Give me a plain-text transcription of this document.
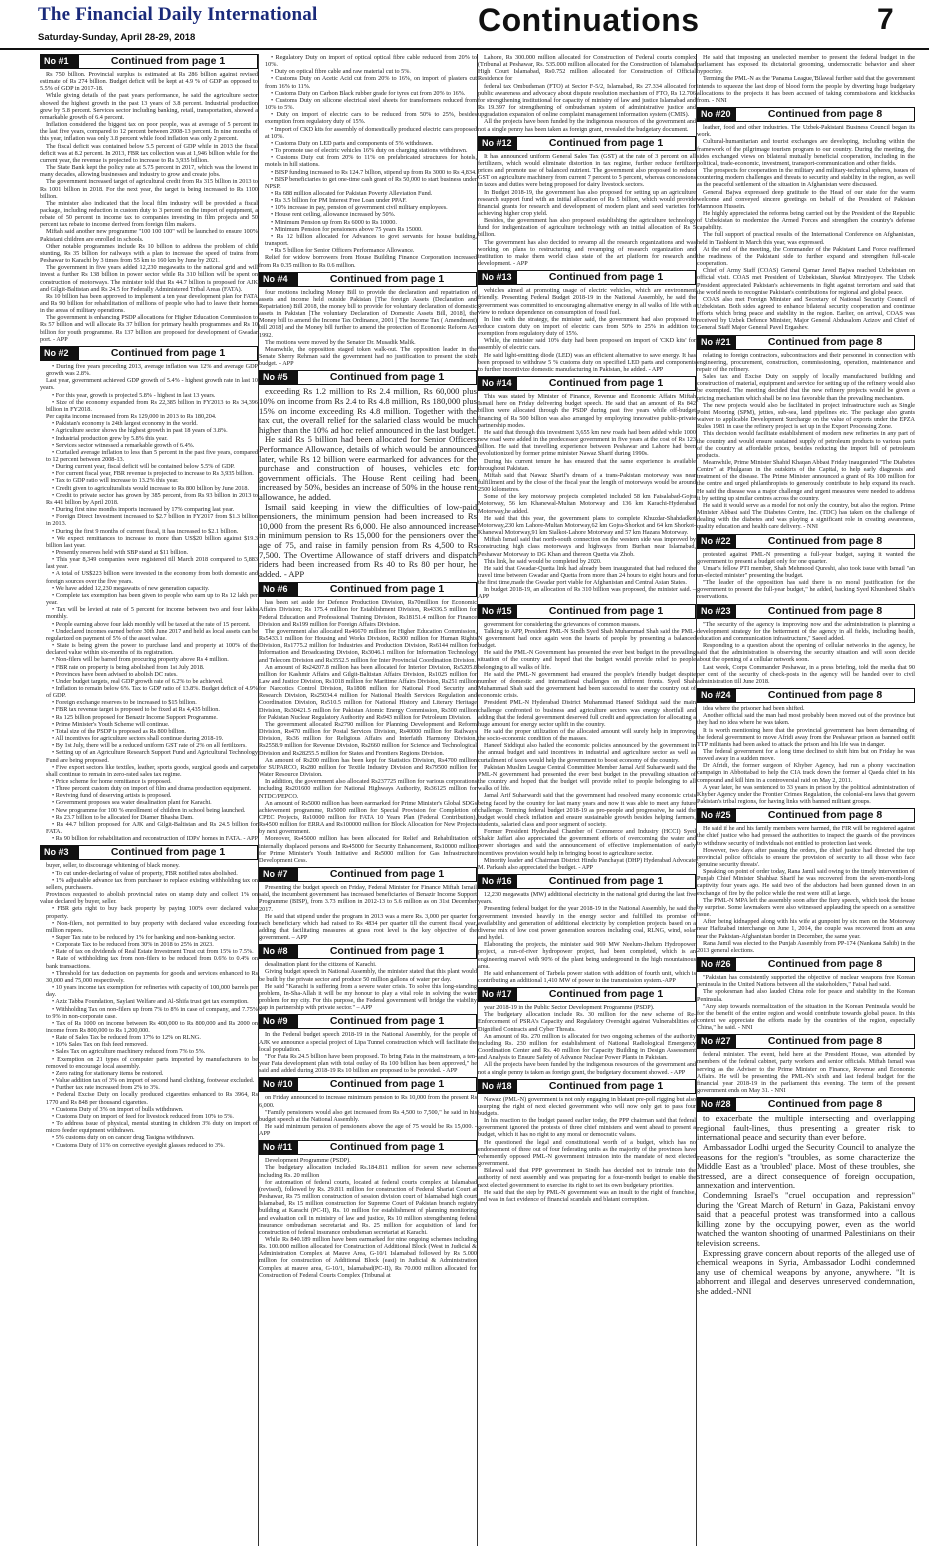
The Financial Daily International
Saturday-Sunday, April 28-29, 2018	Continuations	7
No #1	Continued from page 1

Rs 750 billion. Provincial surplus is estimated at Rs 286 billion against revised estimate of Rs 274 billion. Budget deficit will be kept at 4.9 % of GDP as opposed to 5.5% of GDP in 2017-18.

While giving details of the past years performance, he said the agriculture sector showed the highest growth in the past 13 years of 3.8 percent. Industrial production grew by 5.8 percent. Services sector including banking, retail, transportation, showed a remarkable growth of 6.4 percent.

Inflation considered the biggest tax on poor people, was at average of 5 percent in the last five years, compared to 12 percent between 2008-13 percent. In nine months of this year, inflation was only 3.8 percent while food inflation was only 2 percent.

The fiscal deficit was contained below 5.5 percent of GDP while in 2013 the fiscal deficit was at 8.2 percent. In 2013, FBR tax collection was at 1,946 billion while for the current year, the revenue is projected to increase to Rs 3,935 billion.

The State Bank kept the policy rate at 5.75 percent in 2017, which was the lowest in many decades, allowing businesses and industry to grow and create jobs.

The government increased target of agricultural credit from Rs 315 billion in 2013 to Rs 1001 billion in 2018. For the next year, the target is being increased to Rs 1100 billion.

The minister also indicated that the local film industry will be provided a fiscal package, including reduction in custom duty to 3 percent on the import of equipment, a rebate of 50 percent in income tax to companies investing in film projects and 50 percent tax rebate to income derived from foreign film makers.

Miftah said another new programme "100 100 100" will be launched to ensure 100% Pakistani children are enrolled in schools.

Other notable programmes include Rs 10 billion to address the problem of child stunting, Rs 35 billion for railways with a plan to increase the speed of trains from Peshawar to Karachi by 3 times from 55 km to 160 km by June by 2021.

The government in five years added 12,230 megawatts to the national grid and will invest a further Rs 138 billion in power sector while Rs 310 billion will be spent on construction of motorways. The minister told that Rs 44.7 billion is proposed for AJK and Gilgit-Baltistan and Rs 24.5 for Federally Administered Tribal Areas (FATA).

Rs 10 billion has been approved to implement a ten year development plan for FATA and Rs 90 billion for rehabilitation of millions of people who had to leave their homes in the areas of military operations.

The government is enhancing PSDP allocations for Higher Education Commission to Rs 57 billion and will allocate Rs 37 billion for primary health programmes and Rs 10 billion for youth programme. Rs 137 billion are proposed for development of Gwadar port. - APP

No #2	Continued from page 1

• During five years preceding 2013, average inflation was 12% and average GDP growth was 2.8%.

Last year, government achieved GDP growth of 5.4% - highest growth rate in last 10 years.

• For this year, growth is projected 5.8% - highest in last 13 years.

• Size of the economy expanded from Rs 22,385 billion in FY2013 to Rs 34,396 billion in FY2018.

Per capita income increased from Rs 129,000 in 2013 to Rs 180,204.

• Pakistan's economy is 24th largest economy in the world.

• Agriculture sector shows the highest growth in past 18 years of 3.8%.

• Industrial production grew by 5.8% this year.

• Services sector witnessed a remarkable growth of 6.4%.

• Curtailed average inflation to less than 5 percent in the past five years, compared to 12 percent between 2008-13.

• During current year, fiscal deficit will be contained below 5.5% of GDP.

• For current fiscal year, FBR revenue is projected to increase to Rs 3,935 billion.

• Tax to GDP ratio will increase to 13.2% this year.

• Credit given to agriculturalists would increase to Rs 800 billion by June 2018.

• Credit to private sector has grown by 385 percent, from Rs 93 billion in 2013 to Rs 441 billion by April 2018.

• During first nine months imports increased by 17% comparing last year.

• Foreign Direct Investment increased to $2.7 billion in FY2017 from $1.3 billion in 2013.

• During the first 9 months of current fiscal, it has increased to $2.1 billion.

• We expect remittances to increase to more than US$20 billion against $19.3 billion last year.

• Presently reserves held with SBP stand at $11 billion.

• This year 8,349 companies were registered till March 2018 compared to 5,883 last year.

• A total of US$223 billion were invested in the economy from both domestic and foreign sources over the five years.

• We have added 12,230 megawatts of new generation capacity.

• Complete tax exemption has been given to people who earn up to Rs 12 lakh per year.

• Tax will be levied at rate of 5 percent for income between two and four lakhs monthly.

• People earning above four lakh monthly will be taxed at the rate of 15 percent.

• Undeclared incomes earned before 30th June 2017 and held as local assets can be regularized on payment of 5% of the asset value.

• State is being given the power to purchase land and property at 100% of the declared value within six-months of its registration.

• Non-filers will be barred from procuring property above Rs 4 million.

• FBR rate on property is being abolished from 1st July 2018.

• Provinces have been advised to abolish DC rates.

• Under budget targets, real GDP growth rate of 6.2% to be achieved.

• Inflation to remain below 6%. Tax to GDP ratio of 13.8%. Budget deficit of 4.9% of GDP.

• Foreign exchange reserves to be increased to $15 billion.

• FBR tax revenue target is proposed to be fixed at Rs 4,435 billion.

• Rs 125 billion proposed for Benazir Income Support Programme.

• Prime Minister's Youth Scheme will continue.

• Total size of the PSDP is proposed as Rs 800 billion.

• All incentives for agriculture sectors shall continue during 2018-19.

• By 1st July, there will be a reduced uniform GST rate of 2% on all fertilizers.

• Setting up of an Agriculture Research Support Fund and Agricultural Technology Fund are being proposed.

• Five export sectors like textiles, leather, sports goods, surgical goods and carpets shall continue to remain in zero-rated sales tax regime.

• Price scheme for home remittance is proposed.

• Three percent custom duty on import of film and drama production equipment.

• Reviving fund of deserving artists is proposed.

• Government proposes sea water desalination plant for Karachi.

• New programme for 100 % enrollment of children in school being launched.

• Rs 23.7 billion to be allocated for Diamer Bhasha Dam.

• Rs 44.7 billion proposed for AJK and Gilgit-Baltistan and Rs 24.5 billion for FATA.

• Rs 90 billion for rehabilitation and reconstruction of IDPs' homes in FATA. - APP

No #3	Continued from page 1

buyer, seller, to discourage whitening of black money.

• To cut under-declaring of value of property, FBR notified rates abolished.

• 1% adjustable advance tax from purchaser to replace existing withholding tax on sellers, purchasers.

Provinces requested to abolish provincial rates on stamp duty and collect 1% on value declared by buyer, seller.

• FBR gets right to buy back property by paying 100% over declared value property.

• Non-filers, not permitted to buy property with declared value exceeding four million rupees.

• Super Tax rate to be reduced by 1% for banking and non-banking sector.

• Corporate Tax to be reduced from 30% in 2018 to 25% in 2023.

• Rate of tax on dividends of Real Estate Investment Trust cut from 15% to 7.5%.

• Rate of withholding tax from non-filers to be reduced from 0.6% to 0.4% on bank transactions.

• Threshold for tax deduction on payments for goods and services enhanced to Rs 30,000 and 75,000 respectively.

• 10 years income tax exemption for refineries with capacity of 100,000 barrels per day.

• Aziz Tabba Foundation, Saylani Welfare and Al-Shifa trust get tax exemption.

• Withholding Tax on non-filers up from 7% to 8% in case of company, and 7.75% to 9% in non-corporate case.

• Tax of Rs 1000 on income between Rs 400,000 to Rs 800,000 and Rs 2000 on income from Rs 800,000 to Rs 1,200,000.

• Rate of Sales Tax be reduced from 17% to 12% on RLNG.

• 10% Sales Tax on fish feed removed.

• Sales Tax on agriculture machinery reduced from 7% to 5%.

• Exemption on 21 types of computer parts imported by manufacturers to be removed to encourage local assembly.

• Zero rating for stationary items be restored.

• Value addition tax of 3% on import of second hand clothing, footwear excluded.

• Further tax rate increased from 2% to 3%.

• Federal Excise Duty on locally produced cigarettes enhanced to Rs 3964, Rs 1770 and Rs 848 per thousand cigarettes.

• Customs Duty of 3% on import of bulls withdrawn.

• Customs Duty on import of feed for livestock reduced from 10% to 5%.

• To address issue of physical, mental stunting in children 3% duty on import of micro feeder equipment withdrawn.

• 5% customs duty on on cancer drug Tasigna withdrawn.

• Customs Duty of 11% on corrective eyesight glasses reduced to 3%.

• Regulatory Duty on import of optical optical fibre cable reduced from 20% to 10%.

• Duty on optical fibre cable and raw material cut to 5%.

• Customs Duty on Acetic Acid cut from 20% to 16%, on import of plasters cut from 16% to 11%.

• Customs Duty on Carbon Black rubber grade for tyres cut from 20% to 16%.

• Customs Duty on silicone electrical steel sheets for transformers reduced from 10% to 5%.

• Duty on import of electric cars to be reduced from 50% to 25%, besides exemption from regulatory duty of 15%.

• Import of CKD kits for assembly of domestically produced electric cars proposed at 10%.

• Customs Duty on LED parts and components of 5% withdrawn.

• To promote use of electric vehicles 16% duty on charging stations withdrawn.

• Customs Duty cut from 20% to 11% on prefabricated structures for hotels, motels in hill stations.

• BISP funding increased to Rs 124.7 billion, stipend up from Rs 3000 to Rs 4,834.

• BISP beneficiaries to get one-time cash grant of Rs 50,000 to start business under NPSP.

• Rs 688 million allocated for Pakistan Poverty Alleviation Fund.

• Rs 3.5 billion for PM Interest Free Loan under PPAF.

• 10% increase in pay, pension of government civil military employees.

• House rent ceiling, allowance increased by 50%.

• Minimum Pension up from Rs 6000 to Rs 10000.

• Minimum Pension for pensioners above 75 years Rs 15000.

• Rs 12 billion allocated for Advances to govt servants for house building, transport.

• Rs 5 billion for Senior Officers Performance Allowance.

Relief for widow borrowers from House Building Finance Corporation increased from Rs 0.35 million to Rs 0.6 million.

No #4	Continued from page 1

four motions including Money Bill to provide the declaration and repatriation of assets and income held outside Pakistan [The foreign Assets (Declaration and Repatriation) Bill 2018, the money bill to provide for voluntary declaration of domestic assets in Pakistan [The voluntary Declaration of Domestic Assets Bill, 2018], the Money bill to amend the Income Tax Ordinance, 2001 [ The Income Tax ( Amendment) bill 2018] and the Money bill further to amend the protection of Economic Reform Act 1992.

The motions were moved by the Senator Dr. Musadik Malik.

Meanwhile, the opposition staged token walk-out. The opposition leader in the Senate Sherry Rehman said the government had no justification to present the sixth budget. - APP

No #5	Continued from page 1

exceeding Rs 1.2 million to Rs 2.4 million, Rs 60,000 plus 10% on income from Rs 2.4 to Rs 4.8 million, Rs 180,000 plus 15% on income exceeding Rs 4.8 million. Together with the tax cut, the overall relief for the salaried class would be much higher than the 10% ad hoc relief announced in the last budget.

He said Rs 5 billion had been allocated for Senior Officers Performance Allowance, details of which would be announced later, while Rs 12 billion were earmarked for advances for the purchase and construction of houses, vehicles etc for government officials. The House Rent ceiling had been increased by 50%, besides an increase of 50% in the house rent allowance, he added.

Ismail said keeping in view the difficulties of low-paid pensioners, the minimum pension had been increased to Rs 10,000 from the present Rs 6,000. He also announced increase in minimum pension to Rs 15,000 for the pensioners over the age of 75, and raise in family pension from Rs 4,500 to Rs 7,500. The Overtime Allowance of staff drivers and dispatch riders had been increased from Rs 40 to Rs 80 per hour, he added. - APP

No #6	Continued from page 1

has been set aside for Defence Production Division, Rs70million for Economic Affairs Division; Rs 175.4 million for Establishment Division, Rs4336.5 million for Federal Education and Professional Training Division, Rs18151.4 million for Finance Division and Rs199 million for Foreign Affairs Division.

The government also allocated Rs46670 million for Higher Education Commission, Rs5433.1 million for Housing and Works Division, Rs300 million for Human Rights Division, Rs1775.2 million for Industries and Production Division, Rs6144 million for Information and Broadcasting Division, Rs3046.1 million for Information Technology and Telecom Division and Rs3552.5 million for Inter Provincial Coordination Division.

An amount of Rs24207.8 million has been allocated for Interior Division, Rs5205.8 million for Kashmir Affairs and Gilgit-Baltistan Affairs Division, Rs1025 million for Law and Justice Division, Rs1018 million for Maritime Affairs Division, Rs251 million for Narcotics Control Division, Rs1808 million for National Food Security and Research Division, Rs25034.4 million for National Health Services Regulation and Coordination Division, Rs510.5 million for National History and Literary Heritage Division, Rs30421.5 million for Pakistan Atomic Energy Commission, Rs300 million for Pakistan Nuclear Regulatory Authority and Rs943 million for Petroleum Division.

The government allocated Rs2790 million for Planning Development and Reform Division, Rs470 million for Postal Services Division, Rs40000 million for Railways Division, Rs36 million for Religious Affairs and Interfaith Harmony Division, Rs2558.9 million for Revenue Division, Rs2660 million for Science and Technological Division and Rs28255.5 million for States and Frontiers Regions Division.

An amount of Rs200 million has been kept for Statistics Division, Rs4700 million for SUPARCO, Rs280 million for Textile Industry Division and Rs79500 million for Water Resource Division.

In addition, the government also allocated Rs237725 million for various corporations including Rs201600 million for National Highways Authority, Rs36125 million for NTDC/PEPCO.

An amount of Rs5000 million has been earmarked for Prime Minister's Global SDGs achievement programme, Rs5000 million for Special Provision for Completion of CPEC Projects, Rs10000 million for FATA 10 Years Plan (Federal Contribution), Rs4500 million for ERRA and Rs100000 million for Block Allocation for New Projects by next government.

Moreover, Rs45000 million has been allocated for Relief and Rehabilitation of internally displaced persons and Rs45000 for Security Enhancement, Rs10000 million for Prime Minister's Youth Initiative and Rs5000 million for Gas Infrastructure Development Cess.

No #7	Continued from page 1

Presenting the budget speech on Friday, Federal Minister for Finance Miftah Ismail said, the incumbent government has increased beneficiaries of Benazir Income Support Programme (BISP), from 3.73 million in 2012-13 to 5.6 million as on 31st December 2017.

He said that stipend under the program in 2013 was a mere Rs. 3,000 per quarter for each beneficiary which had raised to Rs 4834 per quarter till the current fiscal year, adding that facilitating measures at grass root level is the key objective of the government. – APP

No #8	Continued from page 1

desalination plant for the citizens of Karachi.

Giving budget speech in National Assembly, the minister stated that this plant would be built by the private sector and produce 50 million gallons of water per day.

He said "Karachi is suffering from a severe water crisis. To solve this long-standing problem, In-Sha-Allah it will be my honour to play a vital role in solving the water problem for my city. For this purpose, the Federal government will bridge the viability gap in partnership with private sector." – APP

No #9	Continued from page 1

In the Federal budget speech 2018-19 in the National Assembly, for the people of AJK we announce a special project of Lipa Tunnel construction which will facilitate the local population.

"For Fata Rs 24.5 billion have been proposed. To bring Fata in the mainstream, a ten-year Fata development plan with total outlay of Rs 100 billion has been approved," he said and added during 2018-19 Rs 10 billion are proposed to be provided. - APP

No #10	Continued from page 1

on Friday announced to increase minimum pension to Rs 10,000 from the present Rs 6,000.

"Family pensioners would also get increased from Rs 4,500 to 7,500," he said in his budget speech at the National Assembly.

He said minimum pension of pensioners above the age of 75 would be Rs 15,000. - APP

No #11	Continued from page 1

Development Programme (PSDP).

The budgetary allocation included Rs.184.811 million for seven new schemes including Rs. 20 million

for automation of federal courts, located at federal courts complex at Islamabad (revised), followed by Rs. 29.811 million for construction of Federal Shariat Court at Peshawar, Rs 75 million construction of session division court of Islamabad high court Islamabad, Rs 15 million construction for Supreme Court of Pakistan branch registry building at Karachi (PC-II), Rs. 10 million for establishment of planning monitoring and evaluation cell in ministry of law and justice, Rs 10 million strengthening federal insurance ombudsman secretariat and Rs. 25 million for acquisition of land for construction of federal insurance ombudsman secretariat at Karachi.

While Rs 840.189 million have been earmarked for nine ongoing schemes including Rs. 100.000 million allocated for Construction of Additional Block (West in Judicial & Administration Complex at Mauve Area, G-10/1 Islamabad followed by Rs 5.000 million for construction of Additional Block (east) in Judicial & Administration Complex at mauve area, G-10/1, Islamabad(PC-II), Rs 70.000 million allocated for Construction of Federal Courts Complex (Tribunal at

Lahore, Rs 300.000 million allocated for Construction of Federal courts complex (Tribunal at Peshawar, Rs. 535.000 million allocated for the Construction of Islamabad High Court Islamabad, Rs0.752 million allocated for Construction of Official Residence for

federal tax Ombudsman (FTO) at Sector F-5/2, Islamabad, Rs 27.334 allocated for public awareness and advocacy about dispute resolution mechanism of FTO, Rs 12.706 for strengthening institutional for capacity of ministry of law and justice Islamabad and Rs 19.397 for strengthening of ombudsman system of administrative justice and upgradation expansion of online complaint management information system (CMIS).

All the projects have been funded by the indigenous resources of the government and not a single penny has been taken as foreign grant, revealed the budgetary document.

No #12	Continued from page 1

It has announced uniform General Sales Tax (GST) at the rate of 3 percent on all fertilizers, which would eliminate distortion in tax regime, further reduce fertilizer prices and promote use of balanced nutrient. The government also proposed to reduce GST on agriculture machinery from current 7 percent to 5 percent, whereas concessions in taxes and duties were being proposed for dairy livestock sectors.

In Budget 2018-19, the government has also proposed for setting up an agriculture research support fund with an initial allocation of Rs 5 billion, which would provide financial grants for research and development of modern plant and seed varieties for achieving higher crop yield.

Besides, the government has also proposed establishing the agriculture technology fund for indigenization of agriculture technology with an initial allocation of Rs 5 billion.

The government has also decided to revamp all the research organizations and was working on plans to restructuring and revamping of research organization and institution to make them world class state of the art platform for research and development. - APP

No #13	Continued from page 1

vehicles aimed at promoting usage of electric vehicles, which are environment friendly. Presenting Federal Budget 2018-19 in the National Assembly, he said the government was committed to encouraging alternative energy in all walks of life with a view to reduce dependence on consumption of fossil fuel.

In line with the strategy, the minister said, the government had also proposed to reduce custom duty on import of electric cars from 50% to 25% in addition to exemption from regulatory duty of 15%.

While, the minister said 10% duty had been proposed on import of 'CKD kits' for assembly of electric cars.

He said light-emitting diode (LED) was an efficient alternative to save energy. It has been proposed to withdraw 5 % customs duty on specified LED parts and components to further incentivize domestic manufacturing in Pakistan, he added. - APP

No #14	Continued from page 1

This was stated by Minister of Finance, Revenue and Economic Affairs Miftah Ismail here on Friday delivering budget speech. He said that an amount of Rs 842 billion were allocated through the PSDP during past five years while off-budget financing of Rs 500 billion was also arranged by employing innovative public-private partnership modes.

He said that through this investment 3,655 km new roads had been added while 1000 new road were added in the predecessor government in five years at the cost of Rs 123 billion. He said that travelling experience between Peshawar and Lahore had been revolutionized by former prime minister Nawaz Sharif during 1990s.

During his current tenure he has ensured that the same experience is available throughout Pakistan.

Miftah said that Nawaz Sharif's dream of a trans-Pakistan motorway was near fulfillment and by the close of the fiscal year the length of motorways would be around 2500 kilometres.

Some of the key motorway projects completed included 58 km Faisalabad-Gojra Motorway, 56 km Khanewal-Multan Motorway and 136 km Karachi-Hyderabad Motorway,he added.

He said that this year, the government plans to complete Khuzdar-Shahdadkot Motorway,230 km Lahore-Multan Motorway,62 km Gojra-Shorkot and 64 km Shorkot-Khanewal Motorway,91 km Sialkot-Lahore Motorway and 57 km Hazara Motorway.

Miftah Ismail said that north-south connection on the western side was improved by constructing high class motorways and highways from Burhan near Islamabad, Peshawar Motorway to DG Khan and thereon Quetta via Zhob.

This link, he said would be completed by 2020.

He said that Gwadar-Quetta link had already been inaugurated that had reduced the travel time between Gwadar and Quetta from more than 24 hours to eight hours and for the first time,made the Gwadar port viable for Afghanistan and Central Asian States.

In budget 2018-19, an allocation of Rs 310 billion was proposed, the minister said. – APP

No #15	Continued from page 1

government for considering the grievances of common masses.

Talking to APP, President PML-N Sindh Syed Shah Muhammad Shah said the PML-N government had once again won the hearts of people by presenting a balanced budget.

He said the PML-N Government has presented the ever best budget in the prevailing situation of the country and hoped that the budget would provide relief to people belonging to all walks of life.

He said the PML-N government had ensured the people's friendly budget despite number of domestic and international challenges on different fronts. Syed Shah Muhammad Shah said the government had been successful to steer the country out of economic crisis.

President PML-N Hyderabad District Muhammad Haneef Siddiqui said the main challenge confronted to business and agriculture sectors was energy shortfall and adding that the federal government deserved full credit and appreciation for allocating a huge amount for energy sector uplift in the country.

He said the proper utilization of the allocated amount will surely help in improving the socio-economic condition of the masses.

Haneef Siddiqui also hailed the economic policies announced by the government in the annual budget and said incentives in industrial and agriculture sector as well as curtailment of taxes would help the government to boost economy of the country.

Pakistan Muslim League Central Committee Member Jamal Arif Suharwardi said the PML-N government had presented the ever best budget in the prevailing situation of the country and hoped that the budget will provide relief to people belonging to all walks of life.

Jamal Arif Suharwardi said that the government had resolved many economic crisis being faced by the country for last many years and now it was able to meet any future challenge. Terming federal budget 2018-19 as pro-people and progressive, he said the budget would check inflation and ensure sustainable growth besides helping farmers, students, salaried class and poor segment of society.

Former President Hyderabad Chamber of Commerce and Industry (HCCI) Syed Shakir Jaffari also appreciated the government efforts of overcoming the water and power shortages and said the announcement of effective implementation of early incentives provision would help in bringing boost to agriculture sector.

Minority leader and Chairman District Hindu Panchayat (DHP) Hyderabad Advocate M. Parkash also appreciated the budget. - APP

No #16	Continued from page 1

12,230 megawatts (MW) additional electricity in the national grid during the last five years.

Presenting federal budget for the year 2018-19 in the National Assembly, he said the government invested heavily in the energy sector and fulfilled its promise of availability and generation of additional electricity by completion projects based on a diverse mix of low cost power generation sources including coal, RLNG, wind, solar and hydel.

Elaborating the projects, the minister said 969 MW Neelum-Jhelum Hydropower project, a run-of-river hydropower project, had been completed, which is an engineering marvel with 90% of the plant being underground in the high mountainous area.

He said enhancement of Tarbela power station with addition of fourth unit, which is contributing an additional 1,410 MW of power to the transmission system.-APP

No #17	Continued from page 1

year 2018-19 in the Public Sector Development Programme (PSDP).

The budgetary allocation include Rs. 30 million for the new scheme of Re-Enforcement of PSRA's Capacity and Regulatory Oversight against Vulnerabilities of Dignified Contracts and Cyber Threats.

An amount of Rs. 270 million is allocated for two ongoing schemes of the authority including Rs. 230 million for establishment of National Radiological Emergency Coordination Center and Rs. 40 million for Capacity Building in Design Assessment and Analysis to Ensure Safety of Advance Nuclear Power Plants in Pakistan.

All the projects have been funded by the indigenous resources of the government and not a single penny is taken as foreign grant, the budgetary document showed. - APP

No #18	Continued from page 1

Nawaz (PML-N) government is not only engaging in blatant pre-poll rigging but also usurping the right of next elected government who will now only get to pass four budgets.

In his reaction to the budget passed earlier today, the PPP chairman said that federal government ignored the protests of three chief ministers and went ahead to present a budget, which it has no right to any moral or democratic values.

He questioned the legal and constitutional worth of a budget, which has no endorsement of three out of four federating units as the majority of the provinces have vehemently opposed PML-N government intrusion into the mandate of next elected government.

Bilawal said that PPP government in Sindh has decided not to intrude into the authority of next assembly and was preparing for a four-month budget to enable the next elected government to exercise its right to set its own budgetary priorities.

He said that the step by PML-N government was an insult to the right of franchise, and was in fact evidence of financial scandals and blatant corruption.

He said that imposing an unelected member to present the federal budget in the parliament has exposed its dictatorial grooming, undemocratic behavior and sheer hypocrisy.

Terming the PML-N as the 'Panama League,'Bilawal further said that the government intends to squeeze the last drop of blood form the people by diverting huge budgetary allocations to the projects it has been accused of taking commissions and kickbacks from. - NNI

No #20	Continued from page 8

leather, food and other industries. The Uzbek-Pakistani Business Council began its work.

Cultural-humanitarian and tourist exchanges are developing, including within the framework of the pilgrimage tourism program to our country. During the meeting, the sides exchanged views on bilateral mutually beneficial cooperation, including in the political, trade-economic, investment, transport-communication and other fields.

The prospects for cooperation in the military and military-technical spheres, issues of countering modern challenges and threats to security and stability in the region, as well as the peaceful settlement of the situation in Afghanistan were discussed.

General Bajwa expressed deep gratitude to the Head of our state for the warm welcome and conveyed sincere greetings on behalf of the President of Pakistan Mamnoon Hussein.

He highly appreciated the reforms being carried out by the President of the Republic of Uzbekistan to modernize the Armed Forces and strengthen the country's defense capability.

The full support of practical results of the International Conference on Afghanistan, held in Tashkent in March this year, was expressed.

At the end of the meeting, the Commander of the Pakistani Land Force reaffirmed the readiness of the Pakistani side to further expand and strengthen full-scale cooperation.

Chief of Army Staff (COAS) General Qamar Javed Bajwa reached Uzbekistan on official visit. COAS met President of Uzbekistan, Shavkat Mirziyoyev. The Uzbek President appreciated Pakistan's achievements in fight against terrorism and said that the world needs to recognise Pakistan's contributions for regional and global peace.

COAS also met Foreign Minister and Secretary of National Security Council of Uzbekistan. Both sides agreed to enhance bilateral security cooperation and continue efforts which bring peace and stability in the region. Earlier, on arrival, COAS was received by Uzbek Defence Minister, Major General Abdusalom Azizov and Chief of General Staff Major General Pavel Ergashev.

No #21	Continued from page 8

relating to foreign contractors, subcontractors and their personnel in connection with engineering, procurement, construction, commissioning, operation, maintenance and repair of the refinery.

Sales tax and Excise Duty on supply of locally manufactured building and construction of material, equipment and service for setting up of the refinery would also be exempted. The meeting decided that the new refinery projects would be given a pricing mechanism which shall be no less favorable than the prevailing mechanism.

The new projects would also be facilitated in project infrastructure such as Single Point Mooring (SPM), jetties, sub-sea, land pipelines etc. The package also grants waiver to applicable Development Surcharge on the value of exports under the EPZA Rules 1981 in case the refinery project is set up in the Export Processing Zone.

This decision would facilitate establishment of modern new refineries in any part of the country and would ensure sustained supply of petroleum products to various parts of the country at affordable prices, besides reducing the import bill of petroleum products.

Meanwhile, Prime Minister Shahid Khaqan Abbasi Friday inaugurated "The Diabetes Centre" at Phulgaran in the outskirts of the Capital, to help early diagnosis and treatment of the disease. The Prime Minister announced a grant of Rs 100 million for the centre and urged philanthropists to generously contribute to help expand its reach. He said the disease was a major challenge and urgent measures were needed to address it by setting up similar centres across the country.

He said it would serve as a model for not only the country, but also the region. Prime Minister Abbasi said The Diabetes Centre, Inc. (TDC) has taken on the challenge of dealing with the diabetes and was playing a significant role in creating awareness, quality education and health care delivery. - NNI

No #22	Continued from page 8

protested against PML-N presenting a full-year budget, saying it wanted the government to present a budget only for one quarter.

Umar's fellow PTI member, Shah Mehmood Qureshi, also took issue with Ismail "an un-elected minister" presenting the budget.

"The leader of the opposition has said there is no moral justification for the government to present the full-year budget," he added, backing Syed Khursheed Shah's reservations.

No #23	Continued from page 8

"The security of the agency is improving now and the administration is planning a development strategy for the betterment of the agency in all fields, including health, education and communication infrastructure," Saeed added.

Responding to a question about the opening of cellular networks in the agency, he said that the administration is observing the security situation and will soon decide about the opening of a cellular network soon.

Last week, Corps Commander Peshawar, in a press briefing, told the media that 90 per cent of the security of check-posts in the agency will be handed over to civil administration till June 2018.

No #24	Continued from page 8

idea where the prisoner had been shifted.

Another official said the man had most probably been moved out of the province but they had no idea where he was taken.

It is worth mentioning here that the provincial government has been demanding of the federal government to move Afridi away from the Peshawar prison as banned outfit TTP militants had been asked to attack the prison and his life was in danger.

The federal government for a long time declined to shift him but on Friday he was moved away in a sudden move.

Dr Afridi, the former surgeon of Khyber Agency, had run a phony vaccination campaign in Abbottabad to help the CIA track down the former al Qaeda chief in his compound and kill him in a controversial raid on May 2, 2011.

A year later, he was sentenced to 33 years in prison by the political administration of Khyber Agency under the Frontier Crimes Regulation, the colonial-era laws that govern Pakistan's tribal regions, for having links with banned militant groups.

No #25	Continued from page 8

He said if he and his family members were harmed, the FIR will be registered against the chief justice who had pressed the authorities to inspect the guards of the provinces to withdraw security of individuals not entitled to protection last week.

However, two days after passing the orders, the chief justice had directed the top provincial police officials to ensure the provision of security to all those who face 'genuine security threats'.

Speaking on point of order today, Rana Jamil said owing to the timely intervention of Punjab Chief Minister Shahbaz Sharif he was recovered from the seven-month-long captivity four years ago. He said two of the abductors had been gunned down in an exchange of fire by the police while the rest were still at large.

The PML-N MPA left the assembly soon after the fiery speech, which took the house by surprise. Some lawmakers were also witnessed applauding the speech on a sensitive issue.

After being kidnapped along with his wife at gunpoint by six men on the Motorway near Hafizabad interchange on June 1, 2014, the couple was recovered from an area near the Pakistan-Afghanistan border in December, the same year.

Rana Jamil was elected to the Punjab Assembly from PP-174 (Nankana Sahib) in the 2013 general elections.

No #26	Continued from page 8

"Pakistan has consistently supported the objective of nuclear weapons free Korean peninsula in the United Nations between all the stakeholders," Faisal had said.

The spokesman had also lauded China role for peace and stability in the Korean Peninsula.

"Any step towards normalization of the situation in the Korean Peninsula would be for the benefit of the entire region and would contribute towards global peace. In this context we appreciate the efforts made by the countries of the region, especially China," he said. - NNI

No #27	Continued from page 8

federal minister. The event, held here at the President House, was attended by members of the federal cabinet, party workers and senior officials. Miftah Ismail was serving as the Adviser to the Prime Minister on Finance, Revenue and Economic Affairs. He will be presenting the PML-N's sixth and last federal budget for the financial year 2018-19 in the parliament this evening. The term of the present government ends on May 31. - NNI

No #28	Continued from page 8

to exacerbate the multiple intersecting and overlapping regional fault-lines, thus presenting a greater risk to international peace and security than ever before.

Ambassador Lodhi urged the Security Council to analyze the reasons for the region's "troubles, as some characterize the Middle East as a 'troubled' place. Most of these troubles, she stressed, are a direct consequence of foreign occupation, annexation and intervention.

Condemning Israel's "cruel occupation and repression" during the 'Great March of Return' in Gaza, Pakistani envoy said that a peaceful protest was transformed into a callous killing zone by the occupying power, even as the world watched the wanton shooting of unarmed Palestinians on their television screens.

Expressing grave concern about reports of the alleged use of chemical weapons in Syria, Ambassador Lodhi condemned any use of chemical weapons by anyone, anywhere. "It is abhorrent and illegal and deserves unreserved condemnation, she added.-NNI
